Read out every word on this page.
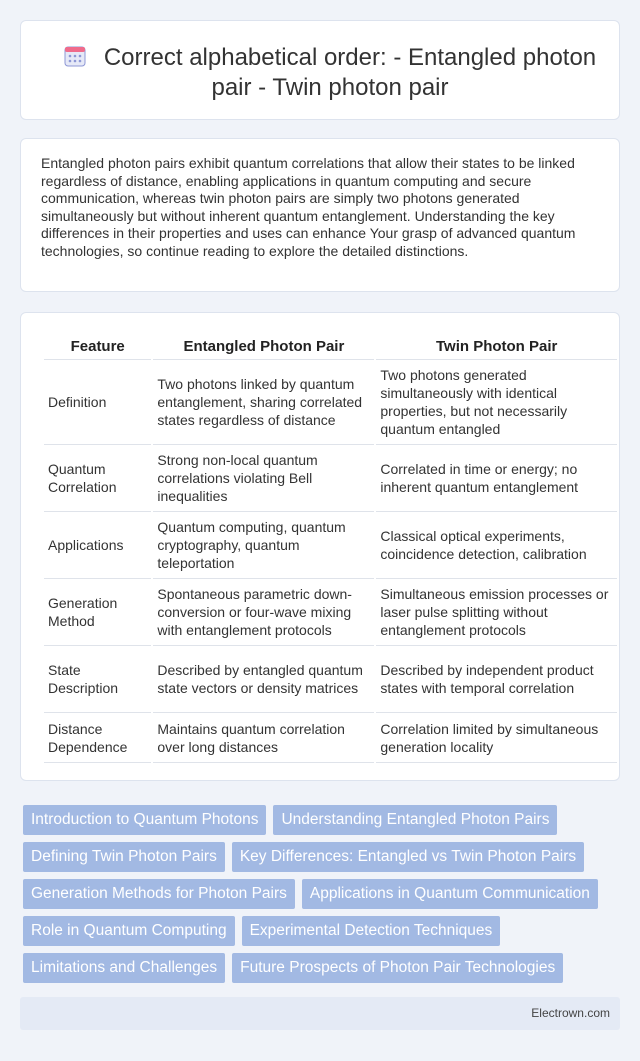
Correct alphabetical order: - Entangled photon pair - Twin photon pair

Entangled photon pairs exhibit quantum correlations that allow their states to be linked regardless of distance, enabling applications in quantum computing and secure communication, whereas twin photon pairs are simply two photons generated simultaneously but without inherent quantum entanglement. Understanding the key differences in their properties and uses can enhance Your grasp of advanced quantum technologies, so continue reading to explore the detailed distinctions.

Feature	Entangled Photon Pair	Twin Photon Pair
Definition	Two photons linked by quantum entanglement, sharing correlated states regardless of distance	Two photons generated simultaneously with identical properties, but not necessarily quantum entangled
Quantum Correlation	Strong non-local quantum correlations violating Bell inequalities	Correlated in time or energy; no inherent quantum entanglement
Applications	Quantum computing, quantum cryptography, quantum teleportation	Classical optical experiments, coincidence detection, calibration
Generation Method	Spontaneous parametric down-conversion or four-wave mixing with entanglement protocols	Simultaneous emission processes or laser pulse splitting without entanglement protocols
State Description	Described by entangled quantum state vectors or density matrices	Described by independent product states with temporal correlation
Distance Dependence	Maintains quantum correlation over long distances	Correlation limited by simultaneous generation locality
Introduction to Quantum Photons Understanding Entangled Photon Pairs
Defining Twin Photon Pairs Key Differences: Entangled vs Twin Photon Pairs
Generation Methods for Photon Pairs Applications in Quantum Communication
Role in Quantum Computing Experimental Detection Techniques
Limitations and Challenges Future Prospects of Photon Pair Technologies
Electrown.com
